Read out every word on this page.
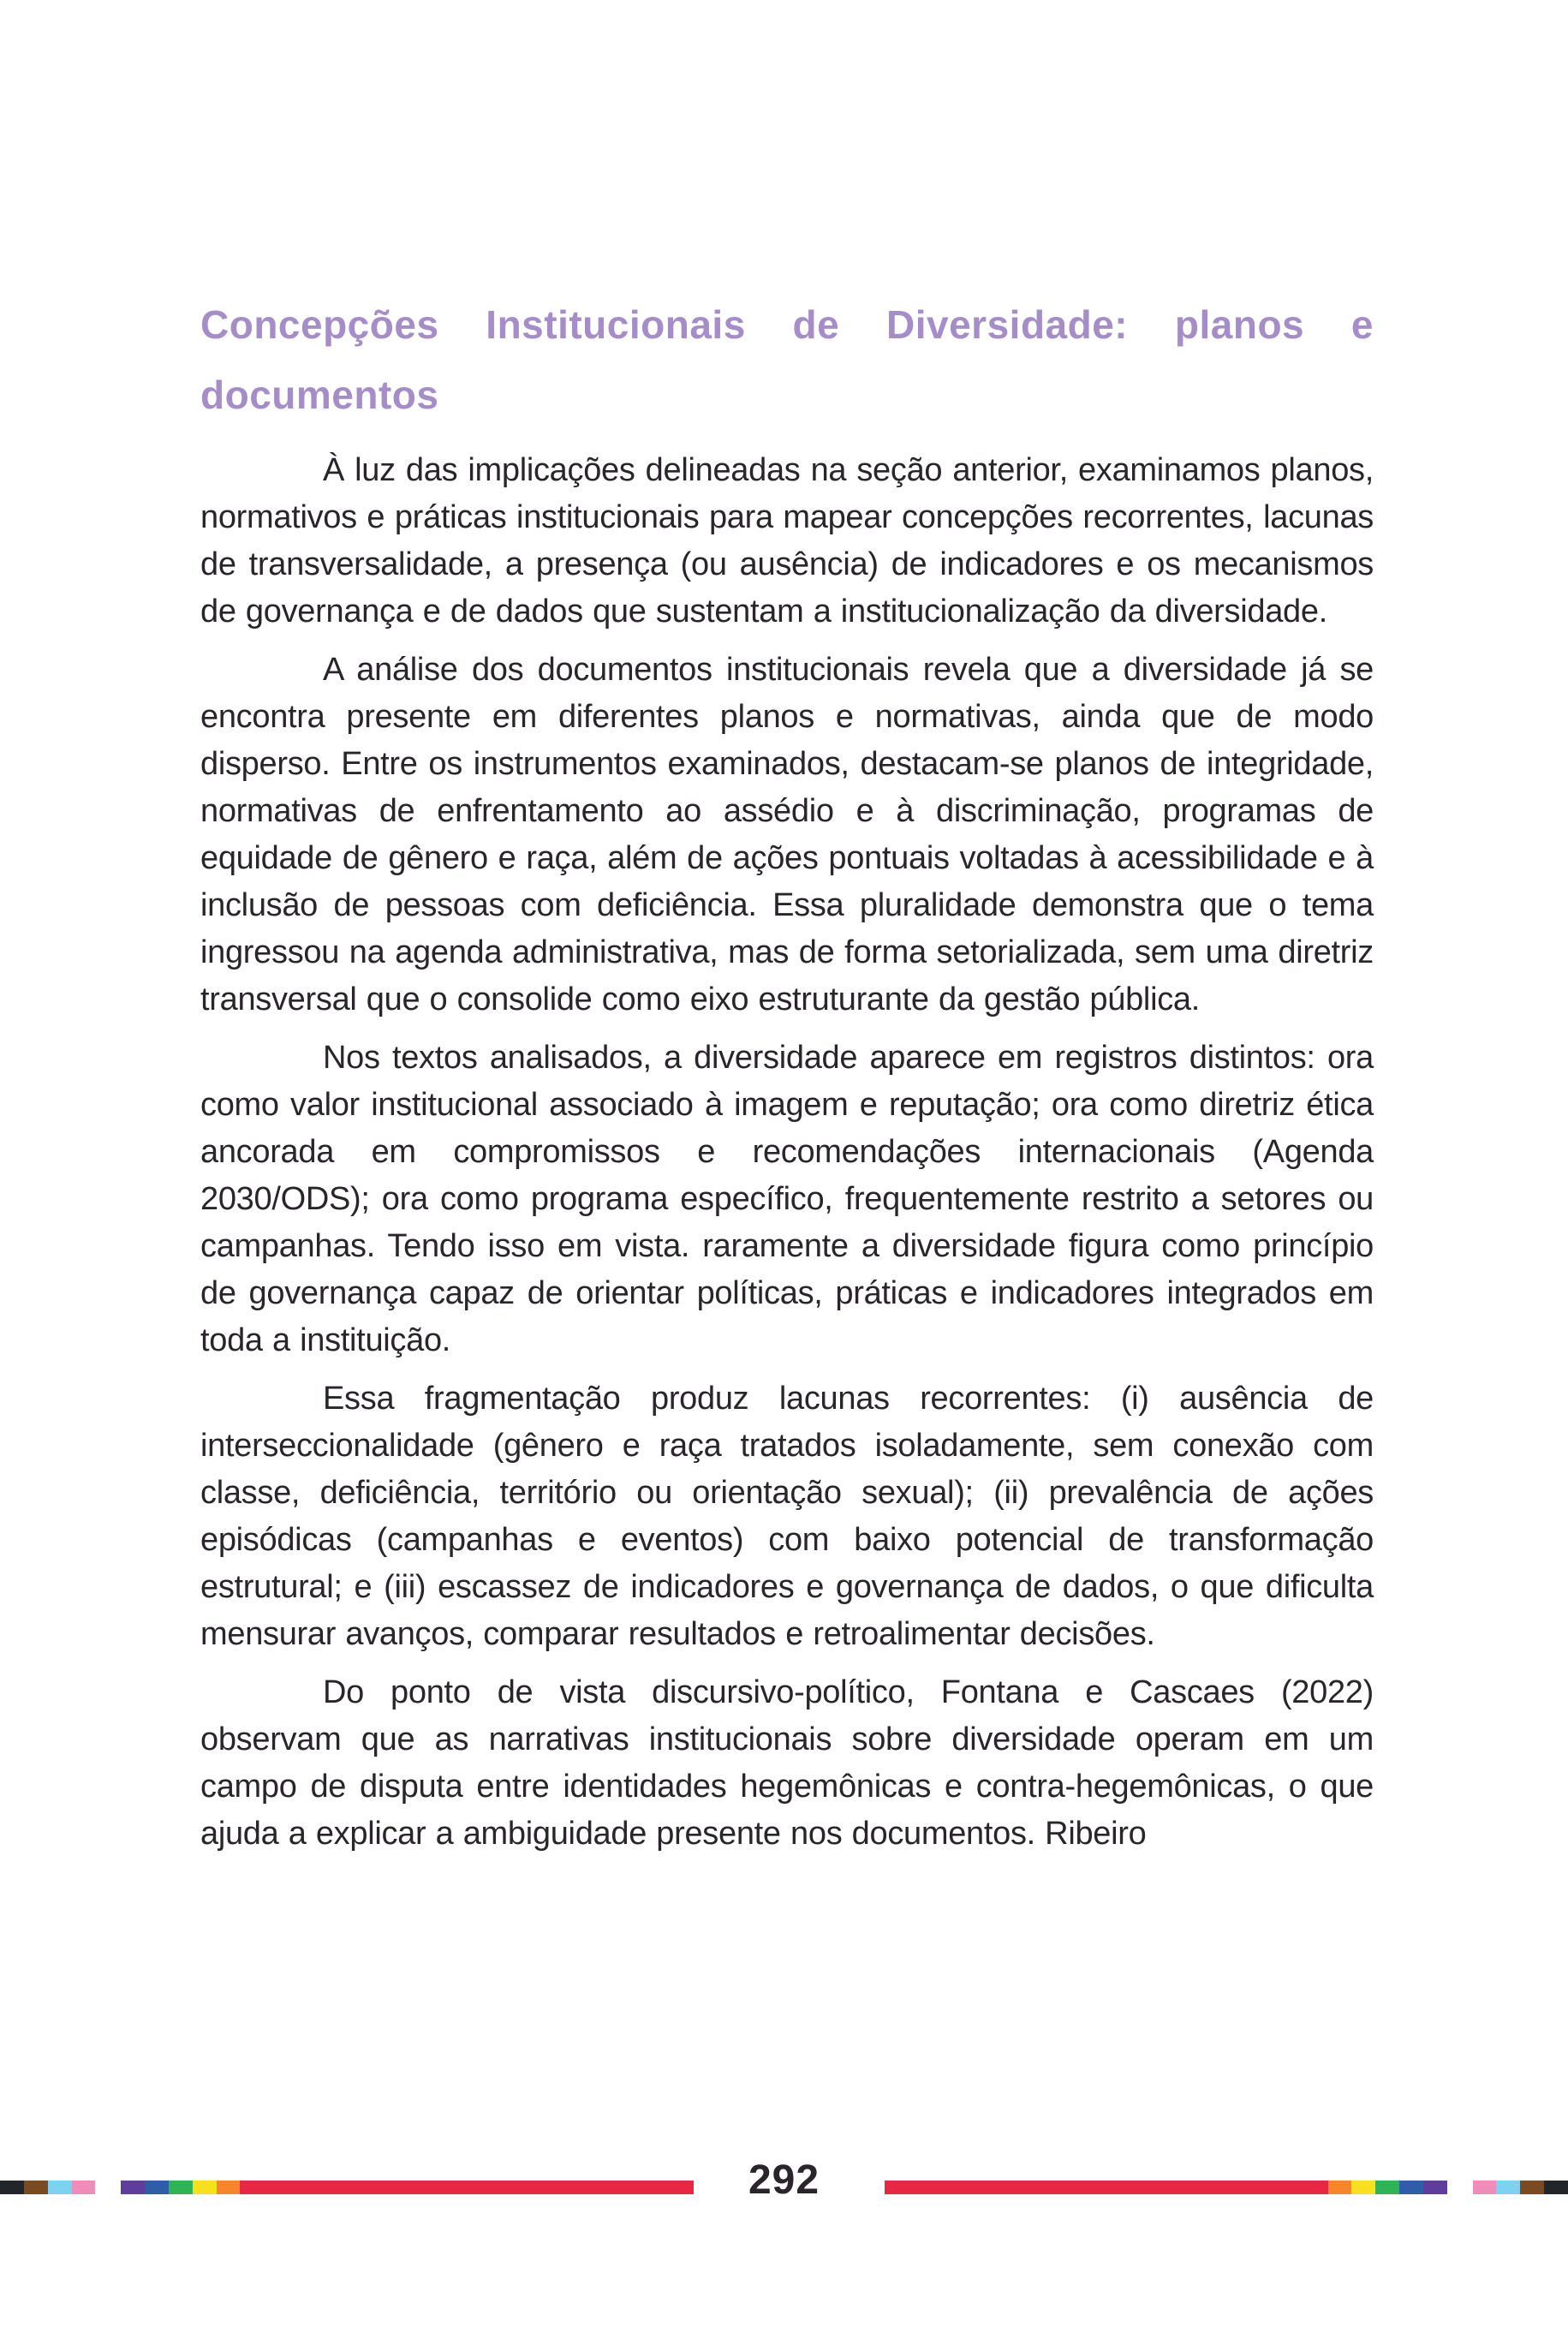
Concepções Institucionais de Diversidade: planos e
documentos

À luz das implicações delineadas na seção anterior, examinamos planos, normativos e práticas institucionais para mapear concepções recorrentes, lacunas de transversalidade, a presença (ou ausência) de indicadores e os mecanismos de governança e de dados que sustentam a institucionalização da diversidade.

A análise dos documentos institucionais revela que a diversidade já se encontra presente em diferentes planos e normativas, ainda que de modo disperso. Entre os instrumentos examinados, destacam-se planos de integridade, normativas de enfrentamento ao assédio e à discriminação, programas de equidade de gênero e raça, além de ações pontuais voltadas à acessibilidade e à inclusão de pessoas com deficiência. Essa pluralidade demonstra que o tema ingressou na agenda administrativa, mas de forma setorializada, sem uma diretriz transversal que o consolide como eixo estruturante da gestão pública.

Nos textos analisados, a diversidade aparece em registros distintos: ora como valor institucional associado à imagem e reputação; ora como diretriz ética ancorada em compromissos e recomendações internacionais (Agenda 2030/ODS); ora como programa específico, frequentemente restrito a setores ou campanhas. Tendo isso em vista. raramente a diversidade figura como princípio de governança capaz de orientar políticas, práticas e indicadores integrados em toda a instituição.

Essa fragmentação produz lacunas recorrentes: (i) ausência de interseccionalidade (gênero e raça tratados isoladamente, sem conexão com classe, deficiência, território ou orientação sexual); (ii) prevalência de ações episódicas (campanhas e eventos) com baixo potencial de transformação estrutural; e (iii) escassez de indicadores e governança de dados, o que dificulta mensurar avanços, comparar resultados e retroalimentar decisões.

Do ponto de vista discursivo-político, Fontana e Cascaes (2022) observam que as narrativas institucionais sobre diversidade operam em um campo de disputa entre identidades hegemônicas e contra-hegemônicas, o que ajuda a explicar a ambiguidade presente nos documentos. Ribeiro

292
